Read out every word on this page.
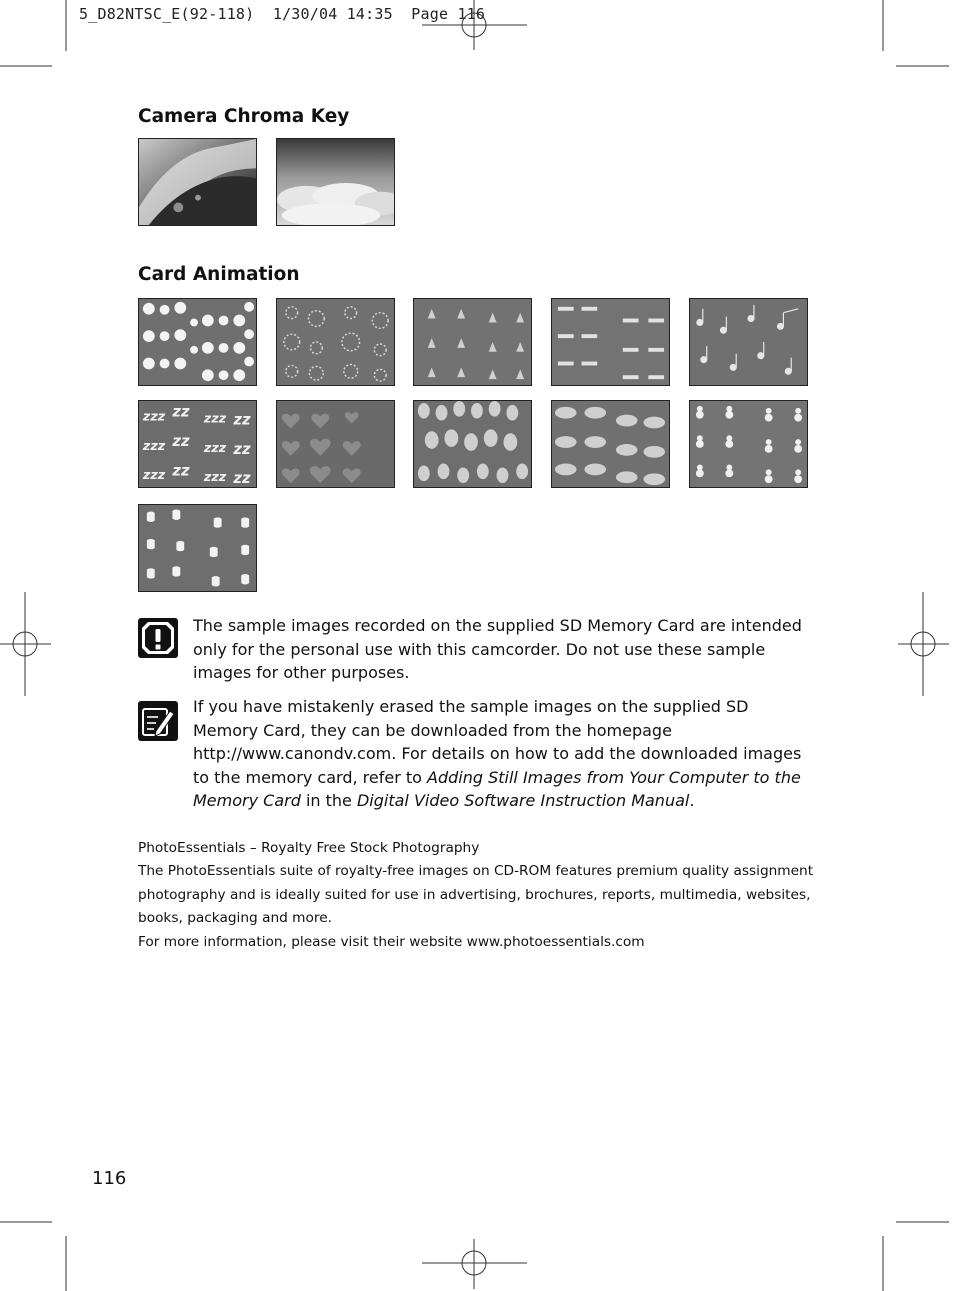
5_D82NTSC_E(92-118)  1/30/04 14:35  Page 116
Camera Chroma Key
Card Animation
zzz zz zzz zz
zzz zz zzz zz
zzz zz zzz zz
The sample images recorded on the supplied SD Memory Card are intended only for the personal use with this camcorder. Do not use these sample images for other purposes.
If you have mistakenly erased the sample images on the supplied SD Memory Card, they can be downloaded from the homepage http://www.canondv.com. For details on how to add the downloaded images to the memory card, refer to Adding Still Images from Your Computer to the Memory Card in the Digital Video Software Instruction Manual.
PhotoEssentials – Royalty Free Stock Photography
The PhotoEssentials suite of royalty-free images on CD-ROM features premium quality assignment
photography and is ideally suited for use in advertising, brochures, reports, multimedia, websites,
books, packaging and more.
For more information, please visit their website www.photoessentials.com
116
